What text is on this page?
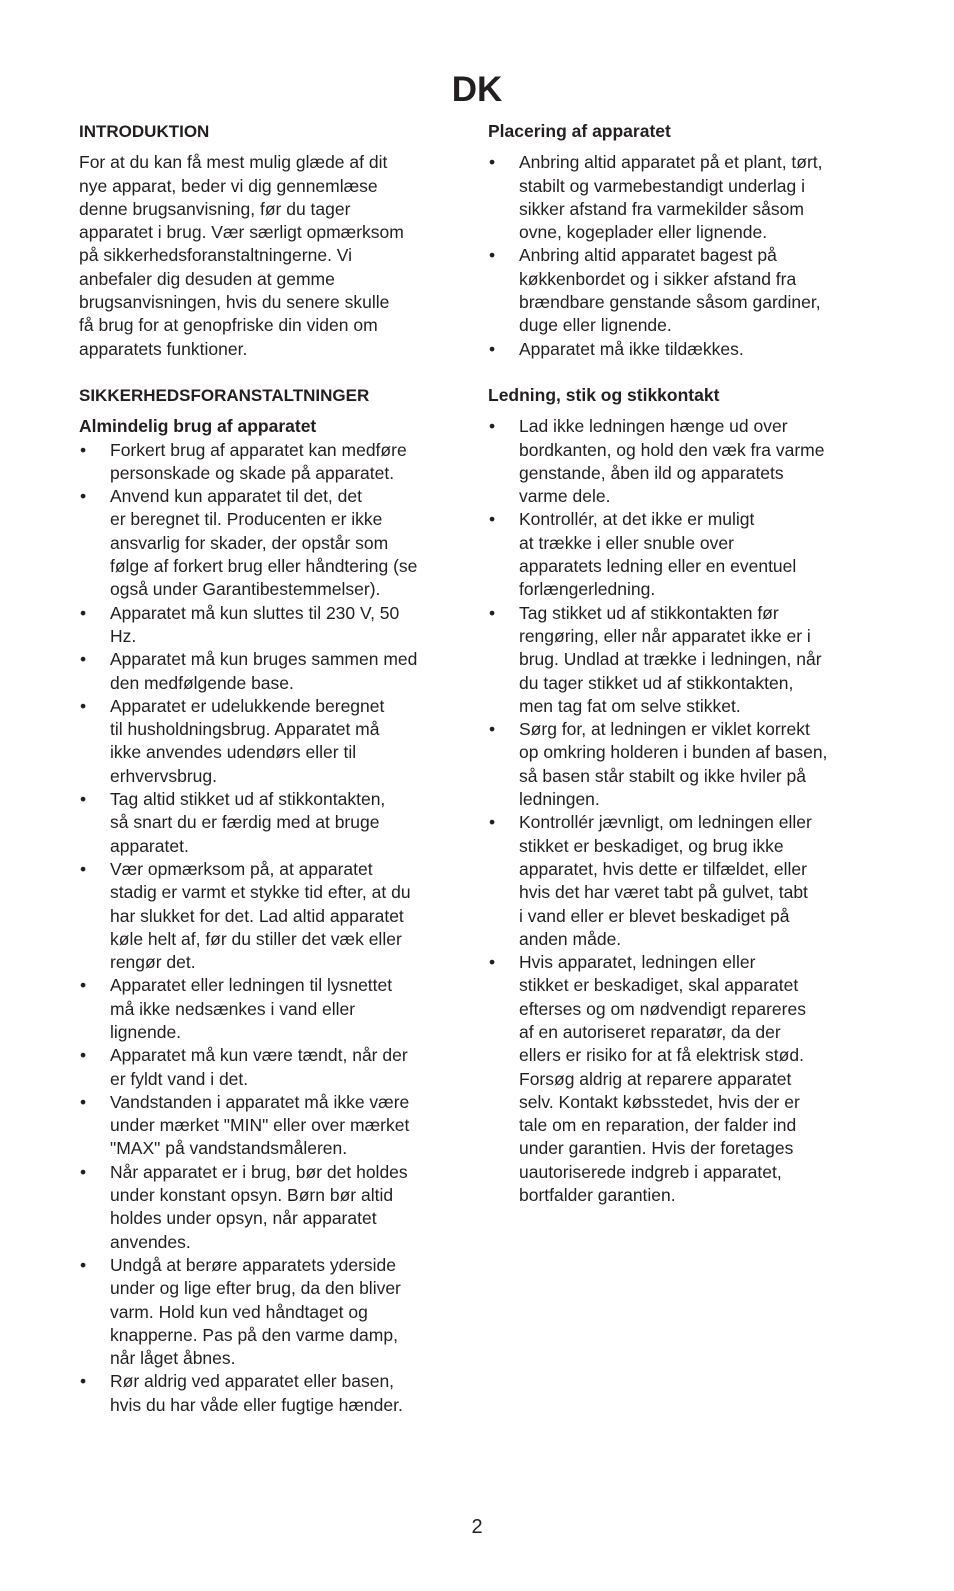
DK
INTRODUKTION

For at du kan få mest mulig glæde af dit
nye apparat, beder vi dig gennemlæse
denne brugsanvisning, før du tager
apparatet i brug. Vær særligt opmærksom
på sikkerhedsforanstaltningerne. Vi
anbefaler dig desuden at gemme
brugsanvisningen, hvis du senere skulle
få brug for at genopfriske din viden om
apparatets funktioner.

SIKKERHEDSFORANSTALTNINGER
Almindelig brug af apparatet
•	Forkert brug af apparatet kan medføre
personskade og skade på apparatet.
•	Anvend kun apparatet til det, det
er beregnet til. Producenten er ikke
ansvarlig for skader, der opstår som
følge af forkert brug eller håndtering (se
også under Garantibestemmelser).
•	Apparatet må kun sluttes til 230 V, 50
Hz.
•	Apparatet må kun bruges sammen med
den medfølgende base.
•	Apparatet er udelukkende beregnet
til husholdningsbrug. Apparatet må
ikke anvendes udendørs eller til
erhvervsbrug.
•	Tag altid stikket ud af stikkontakten,
så snart du er færdig med at bruge
apparatet.
•	Vær opmærksom på, at apparatet
stadig er varmt et stykke tid efter, at du
har slukket for det. Lad altid apparatet
køle helt af, før du stiller det væk eller
rengør det.
•	Apparatet eller ledningen til lysnettet
må ikke nedsænkes i vand eller
lignende.
•	Apparatet må kun være tændt, når der
er fyldt vand i det.
•	Vandstanden i apparatet må ikke være
under mærket "MIN" eller over mærket
"MAX" på vandstandsmåleren.
•	Når apparatet er i brug, bør det holdes
under konstant opsyn. Børn bør altid
holdes under opsyn, når apparatet
anvendes.
•	Undgå at berøre apparatets yderside
under og lige efter brug, da den bliver
varm. Hold kun ved håndtaget og
knapperne. Pas på den varme damp,
når låget åbnes.
•	Rør aldrig ved apparatet eller basen,
hvis du har våde eller fugtige hænder.
Placering af apparatet
•	Anbring altid apparatet på et plant, tørt,
stabilt og varmebestandigt underlag i
sikker afstand fra varmekilder såsom
ovne, kogeplader eller lignende.
•	Anbring altid apparatet bagest på
køkkenbordet og i sikker afstand fra
brændbare genstande såsom gardiner,
duge eller lignende.
•	Apparatet må ikke tildækkes.
Ledning, stik og stikkontakt
•	Lad ikke ledningen hænge ud over
bordkanten, og hold den væk fra varme
genstande, åben ild og apparatets
varme dele.
•	Kontrollér, at det ikke er muligt
at trække i eller snuble over
apparatets ledning eller en eventuel
forlængerledning.
•	Tag stikket ud af stikkontakten før
rengøring, eller når apparatet ikke er i
brug. Undlad at trække i ledningen, når
du tager stikket ud af stikkontakten,
men tag fat om selve stikket.
•	Sørg for, at ledningen er viklet korrekt
op omkring holderen i bunden af basen,
så basen står stabilt og ikke hviler på
ledningen.
•	Kontrollér jævnligt, om ledningen eller
stikket er beskadiget, og brug ikke
apparatet, hvis dette er tilfældet, eller
hvis det har været tabt på gulvet, tabt
i vand eller er blevet beskadiget på
anden måde.
•	Hvis apparatet, ledningen eller
stikket er beskadiget, skal apparatet
efterses og om nødvendigt repareres
af en autoriseret reparatør, da der
ellers er risiko for at få elektrisk stød.
Forsøg aldrig at reparere apparatet
selv. Kontakt købsstedet, hvis der er
tale om en reparation, der falder ind
under garantien. Hvis der foretages
uautoriserede indgreb i apparatet,
bortfalder garantien.
2
